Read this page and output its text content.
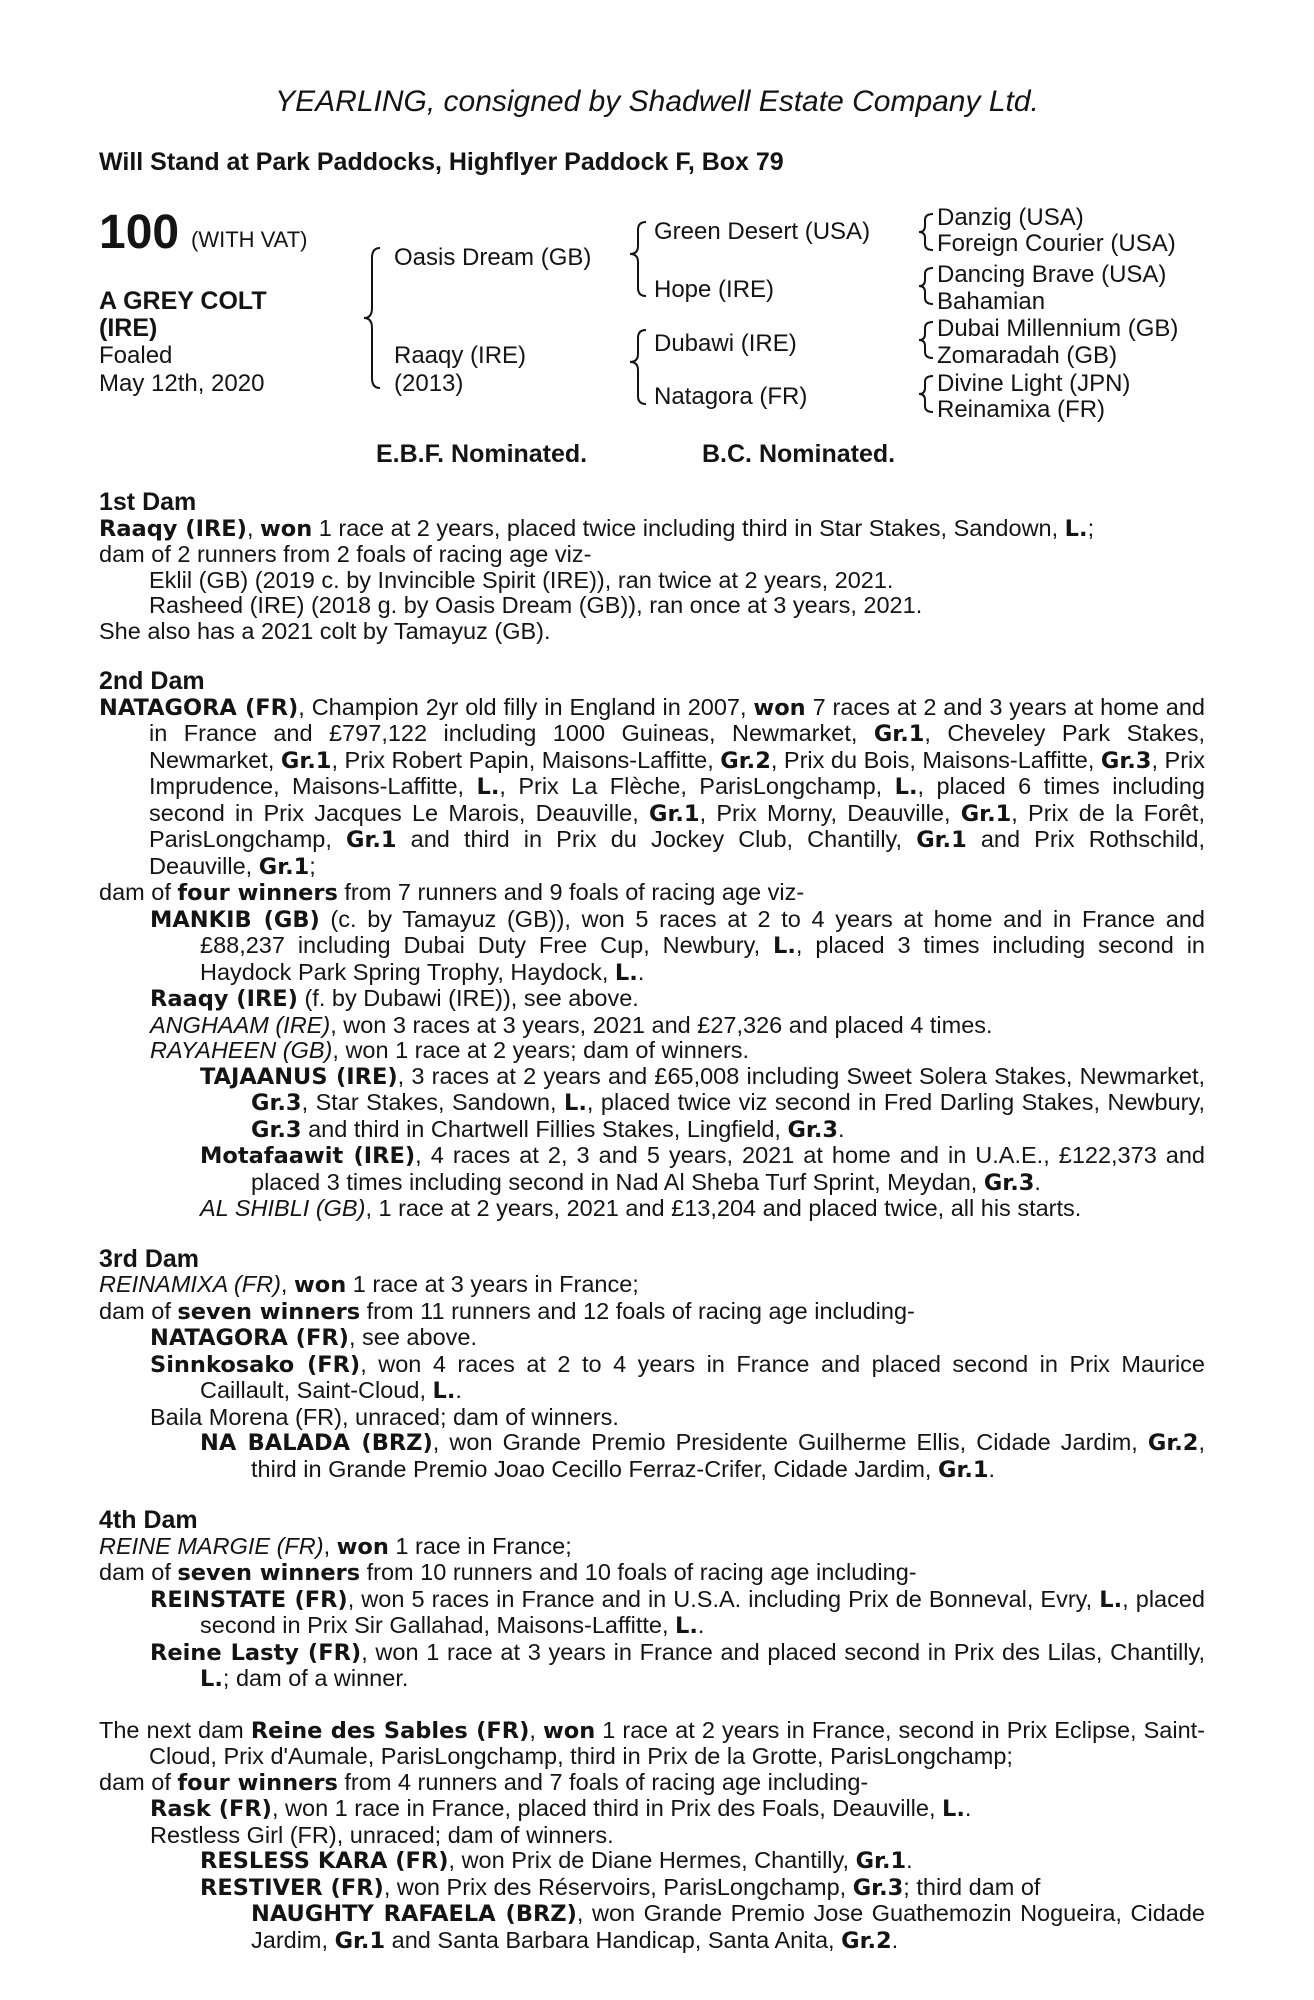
YEARLING, consigned by Shadwell Estate Company Ltd.
Will Stand at Park Paddocks, Highflyer Paddock F, Box 79
100 (WITH VAT)
A GREY COLT
(IRE)
Foaled
May 12th, 2020
Oasis Dream (GB)
Raaqy (IRE)
(2013)
Green Desert (USA)
Hope (IRE)
Dubawi (IRE)
Natagora (FR)
Danzig (USA)
Foreign Courier (USA)
Dancing Brave (USA)
Bahamian
Dubai Millennium (GB)
Zomaradah (GB)
Divine Light (JPN)
Reinamixa (FR)
E.B.F. Nominated.	B.C. Nominated.

1st Dam

Raaqy (IRE), won 1 race at 2 years, placed twice including third in Star Stakes, Sandown, L.;

dam of 2 runners from 2 foals of racing age viz-

Eklil (GB) (2019 c. by Invincible Spirit (IRE)), ran twice at 2 years, 2021.

Rasheed (IRE) (2018 g. by Oasis Dream (GB)), ran once at 3 years, 2021.

She also has a 2021 colt by Tamayuz (GB).

2nd Dam

NATAGORA (FR), Champion 2yr old filly in England in 2007, won 7 races at 2 and 3 years at home and in France and £797,122 including 1000 Guineas, Newmarket, Gr.1, Cheveley Park Stakes, Newmarket, Gr.1, Prix Robert Papin, Maisons-Laffitte, Gr.2, Prix du Bois, Maisons-Laffitte, Gr.3, Prix Imprudence, Maisons-Laffitte, L., Prix La Flèche, ParisLongchamp, L., placed 6 times including second in Prix Jacques Le Marois, Deauville, Gr.1, Prix Morny, Deauville, Gr.1, Prix de la Forêt, ParisLongchamp, Gr.1 and third in Prix du Jockey Club, Chantilly, Gr.1 and Prix Rothschild, Deauville, Gr.1;

dam of four winners from 7 runners and 9 foals of racing age viz-

MANKIB (GB) (c. by Tamayuz (GB)), won 5 races at 2 to 4 years at home and in France and £88,237 including Dubai Duty Free Cup, Newbury, L., placed 3 times including second in Haydock Park Spring Trophy, Haydock, L..

Raaqy (IRE) (f. by Dubawi (IRE)), see above.

ANGHAAM (IRE), won 3 races at 3 years, 2021 and £27,326 and placed 4 times.

RAYAHEEN (GB), won 1 race at 2 years; dam of winners.

TAJAANUS (IRE), 3 races at 2 years and £65,008 including Sweet Solera Stakes, Newmarket, Gr.3, Star Stakes, Sandown, L., placed twice viz second in Fred Darling Stakes, Newbury, Gr.3 and third in Chartwell Fillies Stakes, Lingfield, Gr.3.

Motafaawit (IRE), 4 races at 2, 3 and 5 years, 2021 at home and in U.A.E., £122,373 and placed 3 times including second in Nad Al Sheba Turf Sprint, Meydan, Gr.3.

AL SHIBLI (GB), 1 race at 2 years, 2021 and £13,204 and placed twice, all his starts.

3rd Dam

REINAMIXA (FR), won 1 race at 3 years in France;

dam of seven winners from 11 runners and 12 foals of racing age including-

NATAGORA (FR), see above.

Sinnkosako (FR), won 4 races at 2 to 4 years in France and placed second in Prix Maurice Caillault, Saint-Cloud, L..

Baila Morena (FR), unraced; dam of winners.

NA BALADA (BRZ), won Grande Premio Presidente Guilherme Ellis, Cidade Jardim, Gr.2, third in Grande Premio Joao Cecillo Ferraz-Crifer, Cidade Jardim, Gr.1.

4th Dam

REINE MARGIE (FR), won 1 race in France;

dam of seven winners from 10 runners and 10 foals of racing age including-

REINSTATE (FR), won 5 races in France and in U.S.A. including Prix de Bonneval, Evry, L., placed second in Prix Sir Gallahad, Maisons-Laffitte, L..

Reine Lasty (FR), won 1 race at 3 years in France and placed second in Prix des Lilas, Chantilly, L.; dam of a winner.

The next dam Reine des Sables (FR), won 1 race at 2 years in France, second in Prix Eclipse, Saint-Cloud, Prix d'Aumale, ParisLongchamp, third in Prix de la Grotte, ParisLongchamp;

dam of four winners from 4 runners and 7 foals of racing age including-

Rask (FR), won 1 race in France, placed third in Prix des Foals, Deauville, L..

Restless Girl (FR), unraced; dam of winners.

RESLESS KARA (FR), won Prix de Diane Hermes, Chantilly, Gr.1.

RESTIVER (FR), won Prix des Réservoirs, ParisLongchamp, Gr.3; third dam of

NAUGHTY RAFAELA (BRZ), won Grande Premio Jose Guathemozin Nogueira, Cidade Jardim, Gr.1 and Santa Barbara Handicap, Santa Anita, Gr.2.
